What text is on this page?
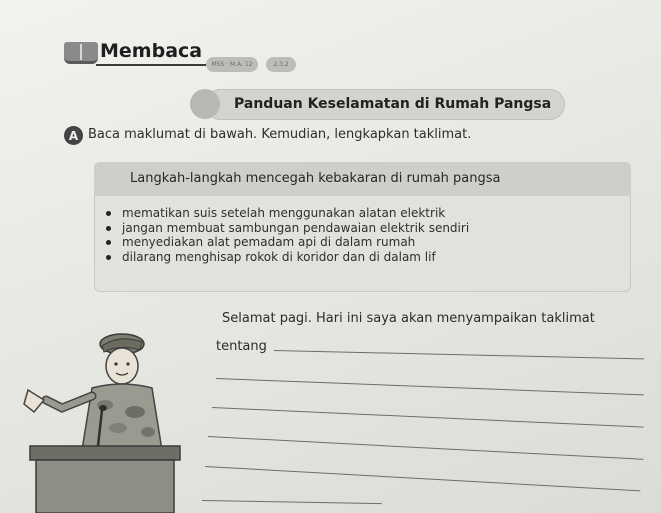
Membaca
MSS · M.A. 12	2.3.2
Panduan Keselamatan di Rumah Pangsa
A Baca maklumat di bawah. Kemudian, lengkapkan taklimat.
Langkah-langkah mencegah kebakaran di rumah pangsa
mematikan suis setelah menggunakan alatan elektrik
jangan membuat sambungan pendawaian elektrik sendiri
menyediakan alat pemadam api di dalam rumah
dilarang menghisap rokok di koridor dan di dalam lif
Selamat pagi. Hari ini saya akan menyampaikan taklimat
tentang
